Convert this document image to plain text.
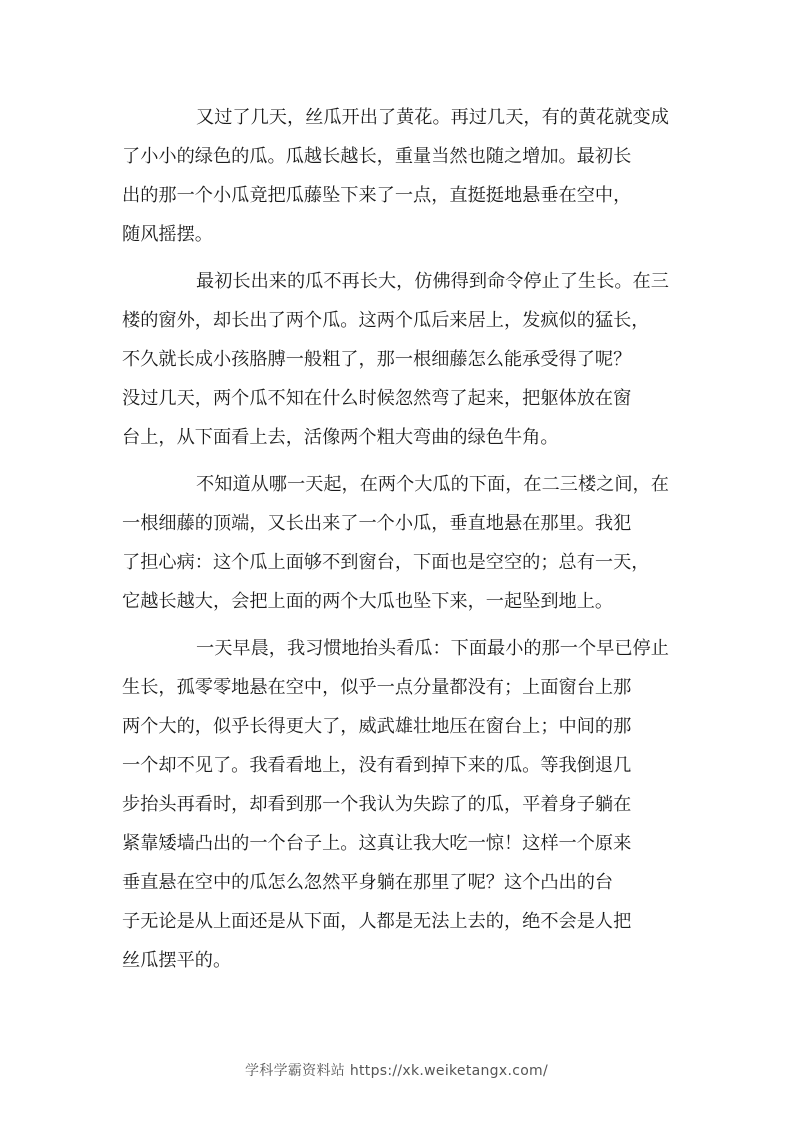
又过了几天，丝瓜开出了黄花。再过几天，有的黄花就变成
了小小的绿色的瓜。瓜越长越长，重量当然也随之增加。最初长
出的那一个小瓜竟把瓜藤坠下来了一点，直挺挺地悬垂在空中，
随风摇摆。
最初长出来的瓜不再长大，仿佛得到命令停止了生长。在三
楼的窗外，却长出了两个瓜。这两个瓜后来居上，发疯似的猛长，
不久就长成小孩胳膊一般粗了，那一根细藤怎么能承受得了呢？
没过几天，两个瓜不知在什么时候忽然弯了起来，把躯体放在窗
台上，从下面看上去，活像两个粗大弯曲的绿色牛角。
不知道从哪一天起，在两个大瓜的下面，在二三楼之间，在
一根细藤的顶端，又长出来了一个小瓜，垂直地悬在那里。我犯
了担心病：这个瓜上面够不到窗台，下面也是空空的；总有一天，
它越长越大，会把上面的两个大瓜也坠下来，一起坠到地上。
一天早晨，我习惯地抬头看瓜：下面最小的那一个早已停止
生长，孤零零地悬在空中，似乎一点分量都没有；上面窗台上那
两个大的，似乎长得更大了，威武雄壮地压在窗台上；中间的那
一个却不见了。我看看地上，没有看到掉下来的瓜。等我倒退几
步抬头再看时，却看到那一个我认为失踪了的瓜，平着身子躺在
紧靠矮墙凸出的一个台子上。这真让我大吃一惊！这样一个原来
垂直悬在空中的瓜怎么忽然平身躺在那里了呢？这个凸出的台
子无论是从上面还是从下面，人都是无法上去的，绝不会是人把
丝瓜摆平的。
学科学霸资料站 https://xk.weiketangx.com/
